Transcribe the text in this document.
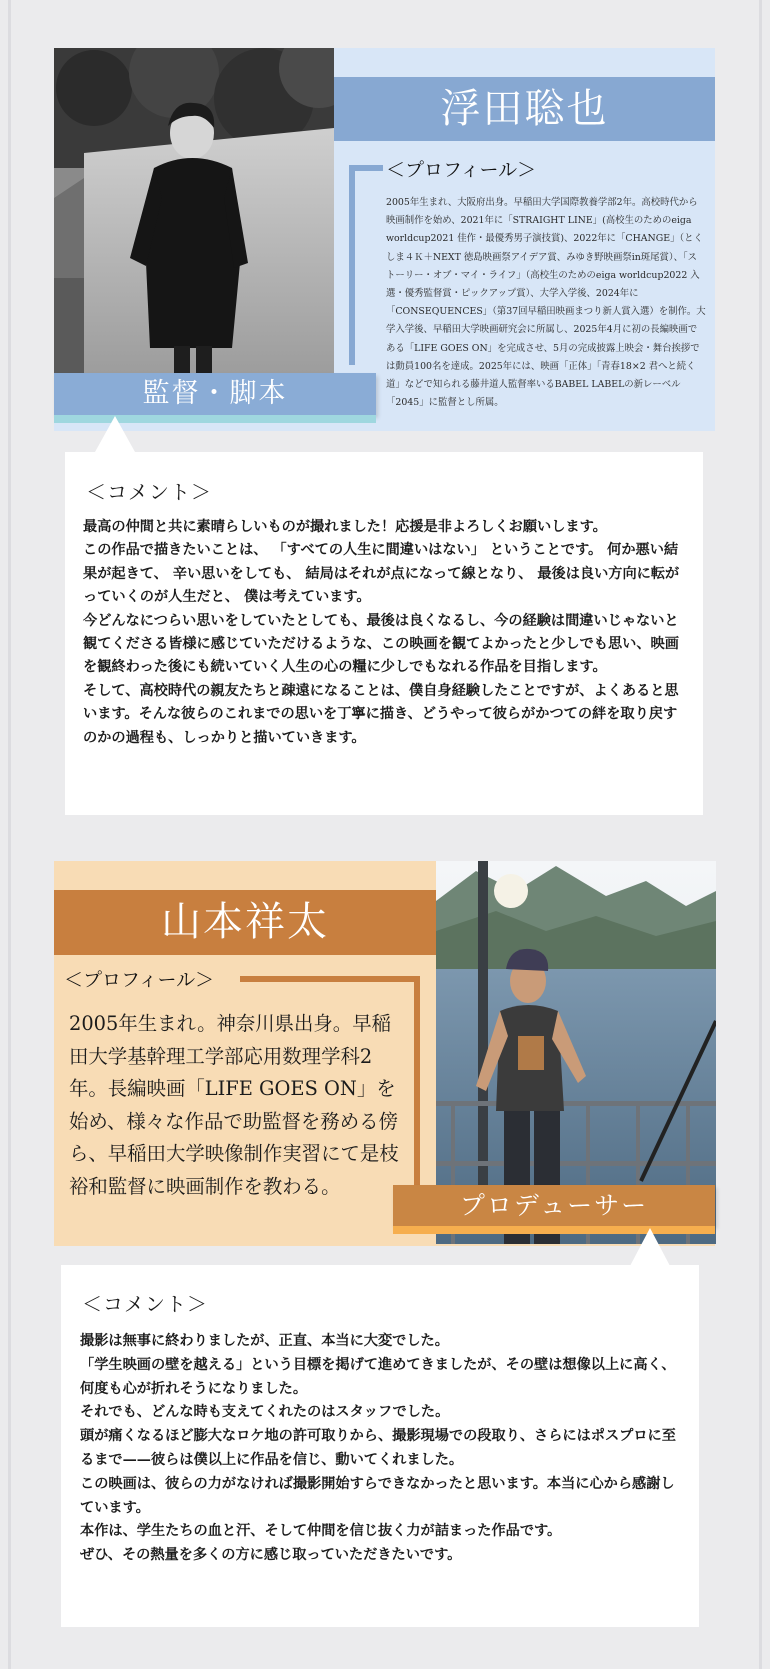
浮田聡也
＜プロフィール＞
2005年生まれ、大阪府出身。早稲田大学国際教養学部2年。高校時代から映画制作を始め、2021年に「STRAIGHT LINE」(高校生のためのeiga worldcup2021 佳作・最優秀男子演技賞)、2022年に「CHANGE」（とくしま４Ｋ＋NEXT 徳島映画祭アイデア賞、みゆき野映画祭in斑尾賞）、「ストーリー・オブ・マイ・ライフ」（高校生のためのeiga worldcup2022 入選・優秀監督賞・ピックアップ賞）、大学入学後、2024年に「CONSEQUENCES」（第37回早稲田映画まつり新人賞入選）を制作。大学入学後、早稲田大学映画研究会に所属し、2025年4月に初の長編映画である「LIFE GOES ON」を完成させ、5月の完成披露上映会・舞台挨拶では動員100名を達成。2025年には、映画「正体」「青春18×2 君へと続く道」などで知られる藤井道人監督率いるBABEL LABELの新レーベル「2045」に監督とし所属。
監督・脚本
＜コメント＞
最高の仲間と共に素晴らしいものが撮れました！応援是非よろしくお願いします。
この作品で描きたいことは、 「すべての人生に間違いはない」 ということです。 何か悪い結果が起きて、 辛い思いをしても、 結局はそれが点になって線となり、 最後は良い方向に転がっていくのが人生だと、 僕は考えています。
今どんなにつらい思いをしていたとしても、最後は良くなるし、今の経験は間違いじゃないと観てくださる皆様に感じていただけるような、この映画を観てよかったと少しでも思い、映画を観終わった後にも続いていく人生の心の糧に少しでもなれる作品を目指します。
そして、高校時代の親友たちと疎遠になることは、僕自身経験したことですが、よくあると思います。そんな彼らのこれまでの思いを丁寧に描き、どうやって彼らがかつての絆を取り戻すのかの過程も、しっかりと描いていきます。
山本祥太
＜プロフィール＞
2005年生まれ。神奈川県出身。早稲田大学基幹理工学部応用数理学科2年。長編映画「LIFE GOES ON」を始め、様々な作品で助監督を務める傍ら、早稲田大学映像制作実習にて是枝裕和監督に映画制作を教わる。
プロデューサー
＜コメント＞
撮影は無事に終わりましたが、正直、本当に大変でした。
「学生映画の壁を越える」という目標を掲げて進めてきましたが、その壁は想像以上に高く、何度も心が折れそうになりました。
それでも、どんな時も支えてくれたのはスタッフでした。
頭が痛くなるほど膨大なロケ地の許可取りから、撮影現場での段取り、さらにはポスプロに至るまで——彼らは僕以上に作品を信じ、動いてくれました。
この映画は、彼らの力がなければ撮影開始すらできなかったと思います。本当に心から感謝しています。
本作は、学生たちの血と汗、そして仲間を信じ抜く力が詰まった作品です。
ぜひ、その熱量を多くの方に感じ取っていただきたいです。
